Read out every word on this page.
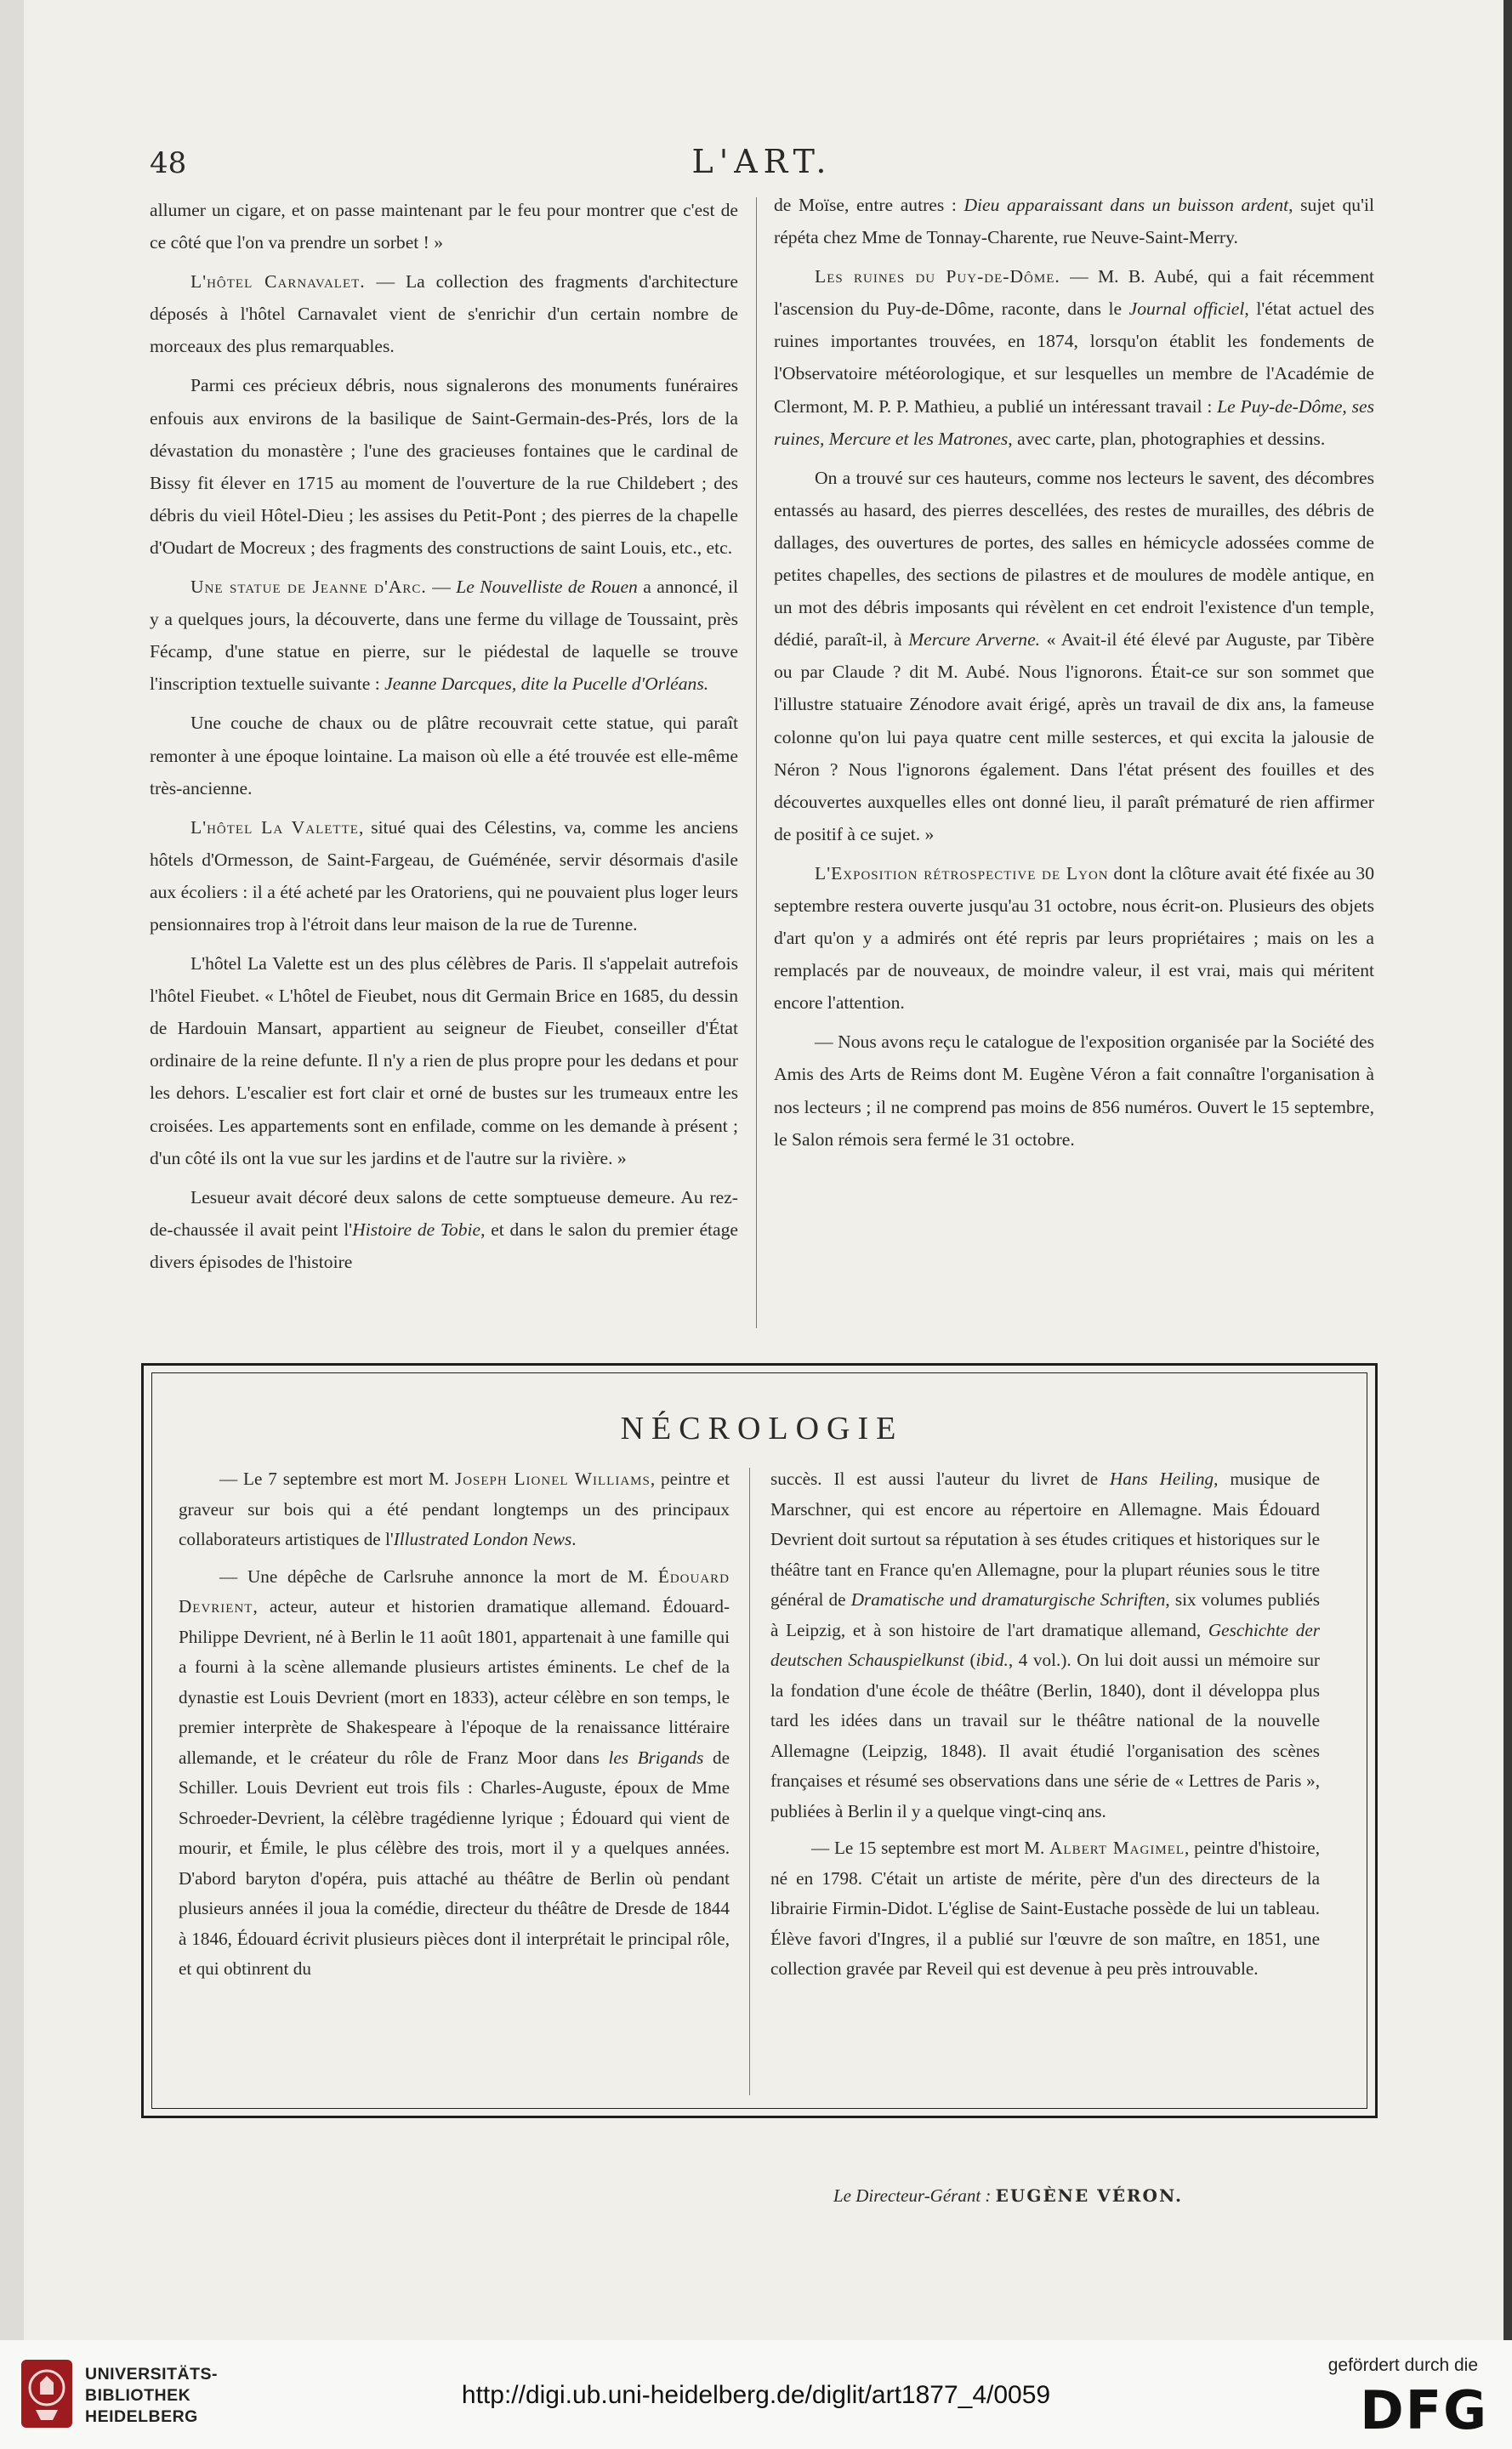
48	L'ART.

allumer un cigare, et on passe maintenant par le feu pour montrer que c'est de ce côté que l'on va prendre un sorbet ! »

L'hôtel Carnavalet. — La collection des fragments d'architecture déposés à l'hôtel Carnavalet vient de s'enrichir d'un certain nombre de morceaux des plus remarquables.

Parmi ces précieux débris, nous signalerons des monuments funéraires enfouis aux environs de la basilique de Saint-Germain-des-Prés, lors de la dévastation du monastère ; l'une des gracieuses fontaines que le cardinal de Bissy fit élever en 1715 au moment de l'ouverture de la rue Childebert ; des débris du vieil Hôtel-Dieu ; les assises du Petit-Pont ; des pierres de la chapelle d'Oudart de Mocreux ; des fragments des constructions de saint Louis, etc., etc.

Une statue de Jeanne d'Arc. — Le Nouvelliste de Rouen a annoncé, il y a quelques jours, la découverte, dans une ferme du village de Toussaint, près Fécamp, d'une statue en pierre, sur le piédestal de laquelle se trouve l'inscription textuelle suivante : Jeanne Darcques, dite la Pucelle d'Orléans.

Une couche de chaux ou de plâtre recouvrait cette statue, qui paraît remonter à une époque lointaine. La maison où elle a été trouvée est elle-même très-ancienne.

L'hôtel La Valette, situé quai des Célestins, va, comme les anciens hôtels d'Ormesson, de Saint-Fargeau, de Guéménée, servir désormais d'asile aux écoliers : il a été acheté par les Oratoriens, qui ne pouvaient plus loger leurs pensionnaires trop à l'étroit dans leur maison de la rue de Turenne.

L'hôtel La Valette est un des plus célèbres de Paris. Il s'appelait autrefois l'hôtel Fieubet. « L'hôtel de Fieubet, nous dit Germain Brice en 1685, du dessin de Hardouin Mansart, appartient au seigneur de Fieubet, conseiller d'État ordinaire de la reine defunte. Il n'y a rien de plus propre pour les dedans et pour les dehors. L'escalier est fort clair et orné de bustes sur les trumeaux entre les croisées. Les appartements sont en enfilade, comme on les demande à présent ; d'un côté ils ont la vue sur les jardins et de l'autre sur la rivière. »

Lesueur avait décoré deux salons de cette somptueuse demeure. Au rez-de-chaussée il avait peint l'Histoire de Tobie, et dans le salon du premier étage divers épisodes de l'histoire

de Moïse, entre autres : Dieu apparaissant dans un buisson ardent, sujet qu'il répéta chez Mme de Tonnay-Charente, rue Neuve-Saint-Merry.

Les ruines du Puy-de-Dôme. — M. B. Aubé, qui a fait récemment l'ascension du Puy-de-Dôme, raconte, dans le Journal officiel, l'état actuel des ruines importantes trouvées, en 1874, lorsqu'on établit les fondements de l'Observatoire météorologique, et sur lesquelles un membre de l'Académie de Clermont, M. P. P. Mathieu, a publié un intéressant travail : Le Puy-de-Dôme, ses ruines, Mercure et les Matrones, avec carte, plan, photographies et dessins.

On a trouvé sur ces hauteurs, comme nos lecteurs le savent, des décombres entassés au hasard, des pierres descellées, des restes de murailles, des débris de dallages, des ouvertures de portes, des salles en hémicycle adossées comme de petites chapelles, des sections de pilastres et de moulures de modèle antique, en un mot des débris imposants qui révèlent en cet endroit l'existence d'un temple, dédié, paraît-il, à Mercure Arverne. « Avait-il été élevé par Auguste, par Tibère ou par Claude ? dit M. Aubé. Nous l'ignorons. Était-ce sur son sommet que l'illustre statuaire Zénodore avait érigé, après un travail de dix ans, la fameuse colonne qu'on lui paya quatre cent mille sesterces, et qui excita la jalousie de Néron ? Nous l'ignorons également. Dans l'état présent des fouilles et des découvertes auxquelles elles ont donné lieu, il paraît prématuré de rien affirmer de positif à ce sujet. »

L'Exposition rétrospective de Lyon dont la clôture avait été fixée au 30 septembre restera ouverte jusqu'au 31 octobre, nous écrit-on. Plusieurs des objets d'art qu'on y a admirés ont été repris par leurs propriétaires ; mais on les a remplacés par de nouveaux, de moindre valeur, il est vrai, mais qui méritent encore l'attention.

— Nous avons reçu le catalogue de l'exposition organisée par la Société des Amis des Arts de Reims dont M. Eugène Véron a fait connaître l'organisation à nos lecteurs ; il ne comprend pas moins de 856 numéros. Ouvert le 15 septembre, le Salon rémois sera fermé le 31 octobre.

NÉCROLOGIE

— Le 7 septembre est mort M. Joseph Lionel Williams, peintre et graveur sur bois qui a été pendant longtemps un des principaux collaborateurs artistiques de l'Illustrated London News.

— Une dépêche de Carlsruhe annonce la mort de M. Édouard Devrient, acteur, auteur et historien dramatique allemand. Édouard-Philippe Devrient, né à Berlin le 11 août 1801, appartenait à une famille qui a fourni à la scène allemande plusieurs artistes éminents. Le chef de la dynastie est Louis Devrient (mort en 1833), acteur célèbre en son temps, le premier interprète de Shakespeare à l'époque de la renaissance littéraire allemande, et le créateur du rôle de Franz Moor dans les Brigands de Schiller. Louis Devrient eut trois fils : Charles-Auguste, époux de Mme Schroeder-Devrient, la célèbre tragédienne lyrique ; Édouard qui vient de mourir, et Émile, le plus célèbre des trois, mort il y a quelques années. D'abord baryton d'opéra, puis attaché au théâtre de Berlin où pendant plusieurs années il joua la comédie, directeur du théâtre de Dresde de 1844 à 1846, Édouard écrivit plusieurs pièces dont il interprétait le principal rôle, et qui obtinrent du

succès. Il est aussi l'auteur du livret de Hans Heiling, musique de Marschner, qui est encore au répertoire en Allemagne. Mais Édouard Devrient doit surtout sa réputation à ses études critiques et historiques sur le théâtre tant en France qu'en Allemagne, pour la plupart réunies sous le titre général de Dramatische und dramaturgische Schriften, six volumes publiés à Leipzig, et à son histoire de l'art dramatique allemand, Geschichte der deutschen Schauspielkunst (ibid., 4 vol.). On lui doit aussi un mémoire sur la fondation d'une école de théâtre (Berlin, 1840), dont il développa plus tard les idées dans un travail sur le théâtre national de la nouvelle Allemagne (Leipzig, 1848). Il avait étudié l'organisation des scènes françaises et résumé ses observations dans une série de « Lettres de Paris », publiées à Berlin il y a quelque vingt-cinq ans.

— Le 15 septembre est mort M. Albert Magimel, peintre d'histoire, né en 1798. C'était un artiste de mérite, père d'un des directeurs de la librairie Firmin-Didot. L'église de Saint-Eustache possède de lui un tableau. Élève favori d'Ingres, il a publié sur l'œuvre de son maître, en 1851, une collection gravée par Reveil qui est devenue à peu près introuvable.

Le Directeur-Gérant : EUGÈNE VÉRON.
UNIVERSITÄTS-
BIBLIOTHEK
HEIDELBERG
http://digi.ub.uni-heidelberg.de/diglit/art1877_4/0059
gefördert durch die
DFG
